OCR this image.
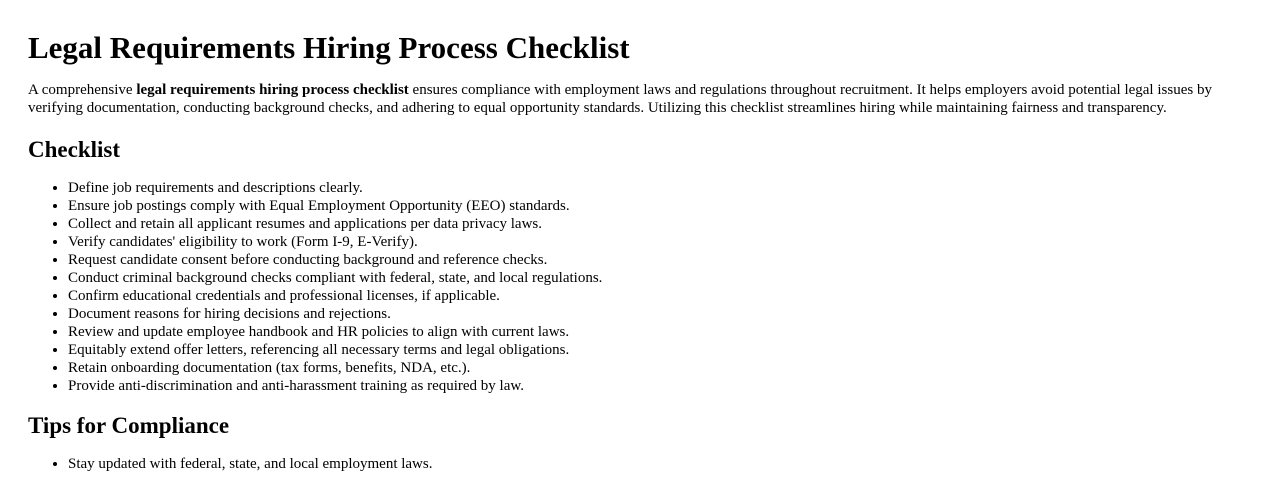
Legal Requirements Hiring Process Checklist

A comprehensive legal requirements hiring process checklist ensures compliance with employment laws and regulations throughout recruitment. It helps employers avoid potential legal issues by verifying documentation, conducting background checks, and adhering to equal opportunity standards. Utilizing this checklist streamlines hiring while maintaining fairness and transparency.

Checklist
• Define job requirements and descriptions clearly.
• Ensure job postings comply with Equal Employment Opportunity (EEO) standards.
• Collect and retain all applicant resumes and applications per data privacy laws.
• Verify candidates' eligibility to work (Form I-9, E-Verify).
• Request candidate consent before conducting background and reference checks.
• Conduct criminal background checks compliant with federal, state, and local regulations.
• Confirm educational credentials and professional licenses, if applicable.
• Document reasons for hiring decisions and rejections.
• Review and update employee handbook and HR policies to align with current laws.
• Equitably extend offer letters, referencing all necessary terms and legal obligations.
• Retain onboarding documentation (tax forms, benefits, NDA, etc.).
• Provide anti-discrimination and anti-harassment training as required by law.
Tips for Compliance
• Stay updated with federal, state, and local employment laws.
